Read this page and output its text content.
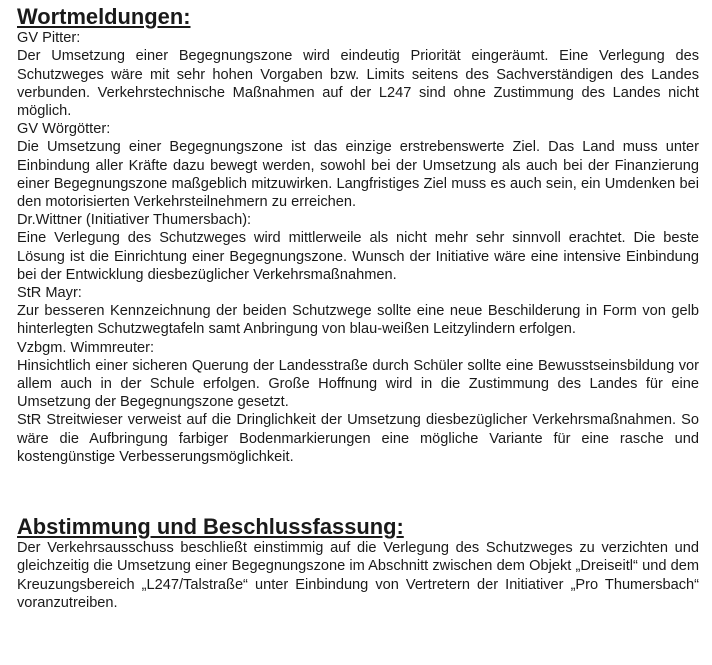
Wortmeldungen:
GV Pitter:

Der Umsetzung einer Begegnungszone wird eindeutig Priorität eingeräumt. Eine Verlegung des Schutzweges wäre mit sehr hohen Vorgaben bzw. Limits seitens des Sachverständigen des Landes verbunden. Verkehrstechnische Maßnahmen auf der L247 sind ohne Zustimmung des Landes nicht möglich.

GV Wörgötter:

Die Umsetzung einer Begegnungszone ist das einzige erstrebenswerte Ziel. Das Land muss unter Einbindung aller Kräfte dazu bewegt werden, sowohl bei der Umsetzung als auch bei der Finanzierung einer Begegnungszone maßgeblich mitzuwirken. Langfristiges Ziel muss es auch sein, ein Umdenken bei den motorisierten Verkehrsteilnehmern zu erreichen.

Dr.Wittner (Initiativer Thumersbach):

Eine Verlegung des Schutzweges wird mittlerweile als nicht mehr sehr sinnvoll erachtet. Die beste Lösung ist die Einrichtung einer Begegnungszone. Wunsch der Initiative wäre eine intensive Einbindung bei der Entwicklung diesbezüglicher Verkehrsmaßnahmen.

StR Mayr:

Zur besseren Kennzeichnung der beiden Schutzwege sollte eine neue Beschilderung in Form von gelb hinterlegten Schutzwegtafeln samt Anbringung von blau-weißen Leitzylindern erfolgen.

Vzbgm. Wimmreuter:

Hinsichtlich einer sicheren Querung der Landesstraße durch Schüler sollte eine Bewusstseinsbildung vor allem auch in der Schule erfolgen. Große Hoffnung wird in die Zustimmung des Landes für eine Umsetzung der Begegnungszone gesetzt.

StR Streitwieser verweist auf die Dringlichkeit der Umsetzung diesbezüglicher Verkehrsmaßnahmen. So wäre die Aufbringung farbiger Bodenmarkierungen eine mögliche Variante für eine rasche und kostengünstige Verbesserungsmöglichkeit.

Abstimmung und Beschlussfassung:

Der Verkehrsausschuss beschließt einstimmig auf die Verlegung des Schutzweges zu verzichten und gleichzeitig die Umsetzung einer Begegnungszone im Abschnitt zwischen dem Objekt „Dreiseitl“ und dem Kreuzungsbereich „L247/Talstraße“ unter Einbindung von Vertretern der Initiativer „Pro Thumersbach“ voranzutreiben.
